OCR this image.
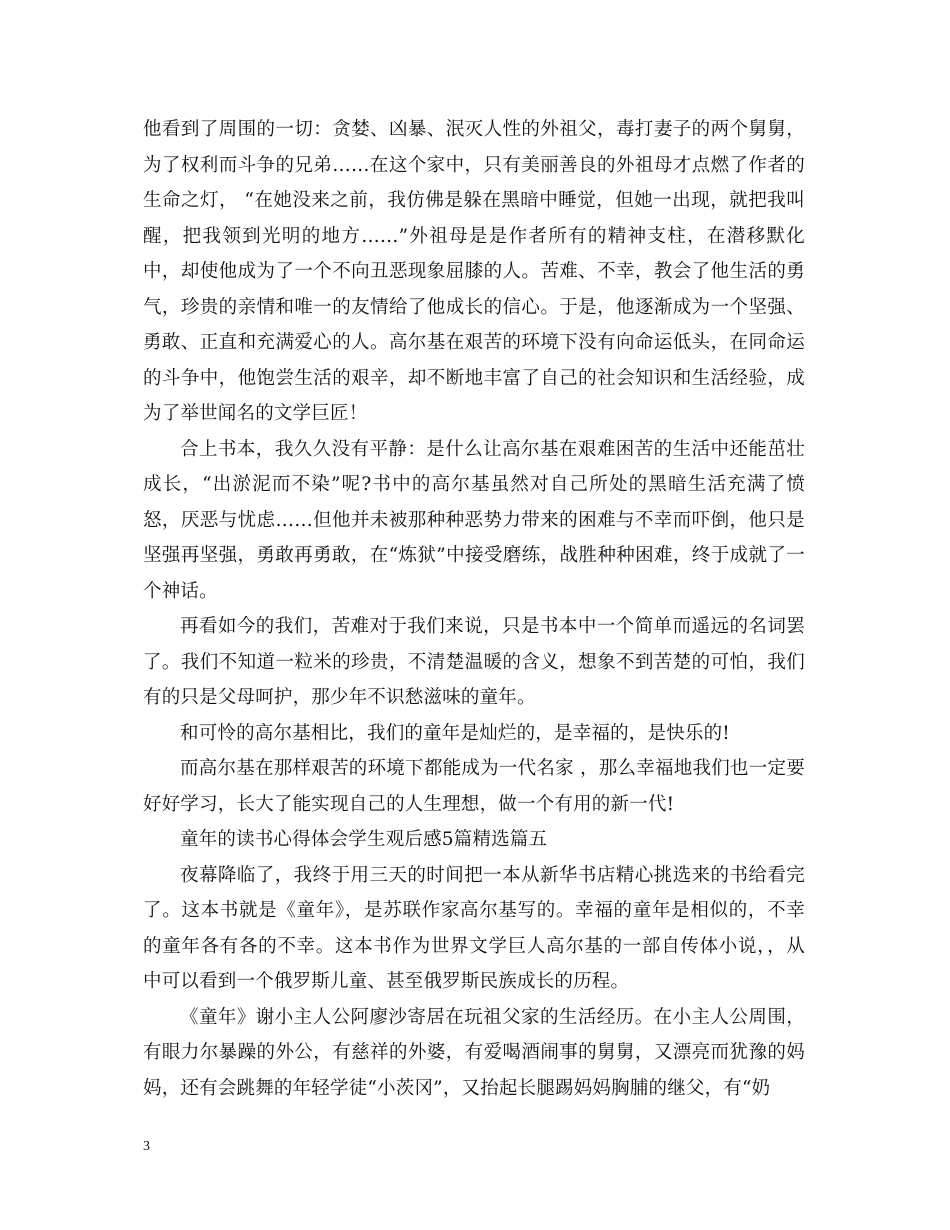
他看到了周围的一切：贪婪、凶暴、泯灭人性的外祖父，毒打妻子的两个舅舅，为了权利而斗争的兄弟……在这个家中，只有美丽善良的外祖母才点燃了作者的生命之灯， “在她没来之前，我仿佛是躲在黑暗中睡觉，但她一出现，就把我叫醒，把我领到光明的地方……”外祖母是是作者所有的精神支柱，在潜移默化中，却使他成为了一个不向丑恶现象屈膝的人。苦难、不幸，教会了他生活的勇气，珍贵的亲情和唯一的友情给了他成长的信心。于是，他逐渐成为一个坚强、勇敢、正直和充满爱心的人。高尔基在艰苦的环境下没有向命运低头，在同命运的斗争中，他饱尝生活的艰辛，却不断地丰富了自己的社会知识和生活经验，成为了举世闻名的文学巨匠！

合上书本，我久久没有平静：是什么让高尔基在艰难困苦的生活中还能茁壮成长，“出淤泥而不染”呢?书中的高尔基虽然对自己所处的黑暗生活充满了愤怒，厌恶与忧虑……但他并未被那种种恶势力带来的困难与不幸而吓倒，他只是坚强再坚强，勇敢再勇敢，在“炼狱”中接受磨练，战胜种种困难，终于成就了一个神话。

再看如今的我们，苦难对于我们来说，只是书本中一个简单而遥远的名词罢了。我们不知道一粒米的珍贵，不清楚温暖的含义，想象不到苦楚的可怕，我们有的只是父母呵护，那少年不识愁滋味的童年。

和可怜的高尔基相比，我们的童年是灿烂的，是幸福的，是快乐的!

而高尔基在那样艰苦的环境下都能成为一代名家 ，那么幸福地我们也一定要好好学习，长大了能实现自己的人生理想，做一个有用的新一代!

童年的读书心得体会学生观后感5篇精选篇五

夜幕降临了，我终于用三天的时间把一本从新华书店精心挑选来的书给看完了。这本书就是《童年》，是苏联作家高尔基写的。幸福的童年是相似的，不幸的童年各有各的不幸。这本书作为世界文学巨人高尔基的一部自传体小说，，从中可以看到一个俄罗斯儿童、甚至俄罗斯民族成长的历程。

《童年》谢小主人公阿廖沙寄居在玩祖父家的生活经历。在小主人公周围，有眼力尔暴躁的外公，有慈祥的外婆，有爱喝酒闹事的舅舅，又漂亮而犹豫的妈妈，还有会跳舞的年轻学徒“小茨冈”，又抬起长腿踢妈妈胸脯的继父，有“奶

3
